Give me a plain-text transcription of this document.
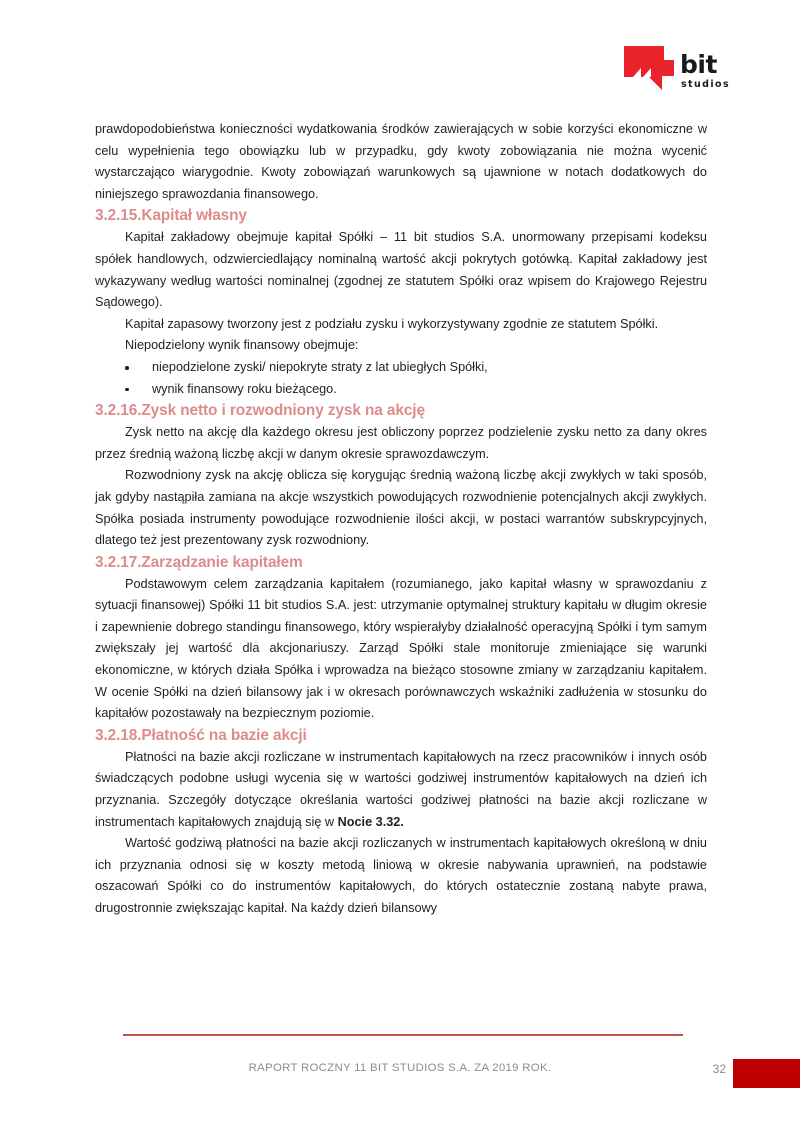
bit
studios

prawdopodobieństwa konieczności wydatkowania środków zawierających w sobie korzyści ekonomiczne w celu wypełnienia tego obowiązku lub w przypadku, gdy kwoty zobowiązania nie można wycenić wystarczająco wiarygodnie. Kwoty zobowiązań warunkowych są ujawnione w notach dodatkowych do niniejszego sprawozdania finansowego.

3.2.15.Kapitał własny

Kapitał zakładowy obejmuje kapitał Spółki – 11 bit studios S.A. unormowany przepisami kodeksu spółek handlowych, odzwierciedlający nominalną wartość akcji pokrytych gotówką. Kapitał zakładowy jest wykazywany według wartości nominalnej (zgodnej ze statutem Spółki oraz wpisem do Krajowego Rejestru Sądowego).

Kapitał zapasowy tworzony jest z podziału zysku i wykorzystywany zgodnie ze statutem Spółki.

Niepodzielony wynik finansowy obejmuje:

niepodzielone zyski/ niepokryte straty z lat ubiegłych Spółki,
wynik finansowy roku bieżącego.
3.2.16.Zysk netto i rozwodniony zysk na akcję

Zysk netto na akcję dla każdego okresu jest obliczony poprzez podzielenie zysku netto za dany okres przez średnią ważoną liczbę akcji w danym okresie sprawozdawczym.

Rozwodniony zysk na akcję oblicza się korygując średnią ważoną liczbę akcji zwykłych w taki sposób, jak gdyby nastąpiła zamiana na akcje wszystkich powodujących rozwodnienie potencjalnych akcji zwykłych. Spółka posiada instrumenty powodujące rozwodnienie ilości akcji, w postaci warrantów subskrypcyjnych, dlatego też jest prezentowany zysk rozwodniony.

3.2.17.Zarządzanie kapitałem

Podstawowym celem zarządzania kapitałem (rozumianego, jako kapitał własny w sprawozdaniu z sytuacji finansowej) Spółki 11 bit studios S.A. jest: utrzymanie optymalnej struktury kapitału w długim okresie i zapewnienie dobrego standingu finansowego, który wspierałyby działalność operacyjną Spółki i tym samym zwiększały jej wartość dla akcjonariuszy. Zarząd Spółki stale monitoruje zmieniające się warunki ekonomiczne, w których działa Spółka i wprowadza na bieżąco stosowne zmiany w zarządzaniu kapitałem. W ocenie Spółki na dzień bilansowy jak i w okresach porównawczych wskaźniki zadłużenia w stosunku do kapitałów pozostawały na bezpiecznym poziomie.

3.2.18.Płatność na bazie akcji

Płatności na bazie akcji rozliczane w instrumentach kapitałowych na rzecz pracowników i innych osób świadczących podobne usługi wycenia się w wartości godziwej instrumentów kapitałowych na dzień ich przyznania. Szczegóły dotyczące określania wartości godziwej płatności na bazie akcji rozliczane w instrumentach kapitałowych znajdują się w Nocie 3.32.

Wartość godziwą płatności na bazie akcji rozliczanych w instrumentach kapitałowych określoną w dniu ich przyznania odnosi się w koszty metodą liniową w okresie nabywania uprawnień, na podstawie oszacowań Spółki co do instrumentów kapitałowych, do których ostatecznie zostaną nabyte prawa, drugostronnie zwiększając kapitał. Na każdy dzień bilansowy

RAPORT ROCZNY 11 BIT STUDIOS S.A. ZA 2019 ROK.	32
